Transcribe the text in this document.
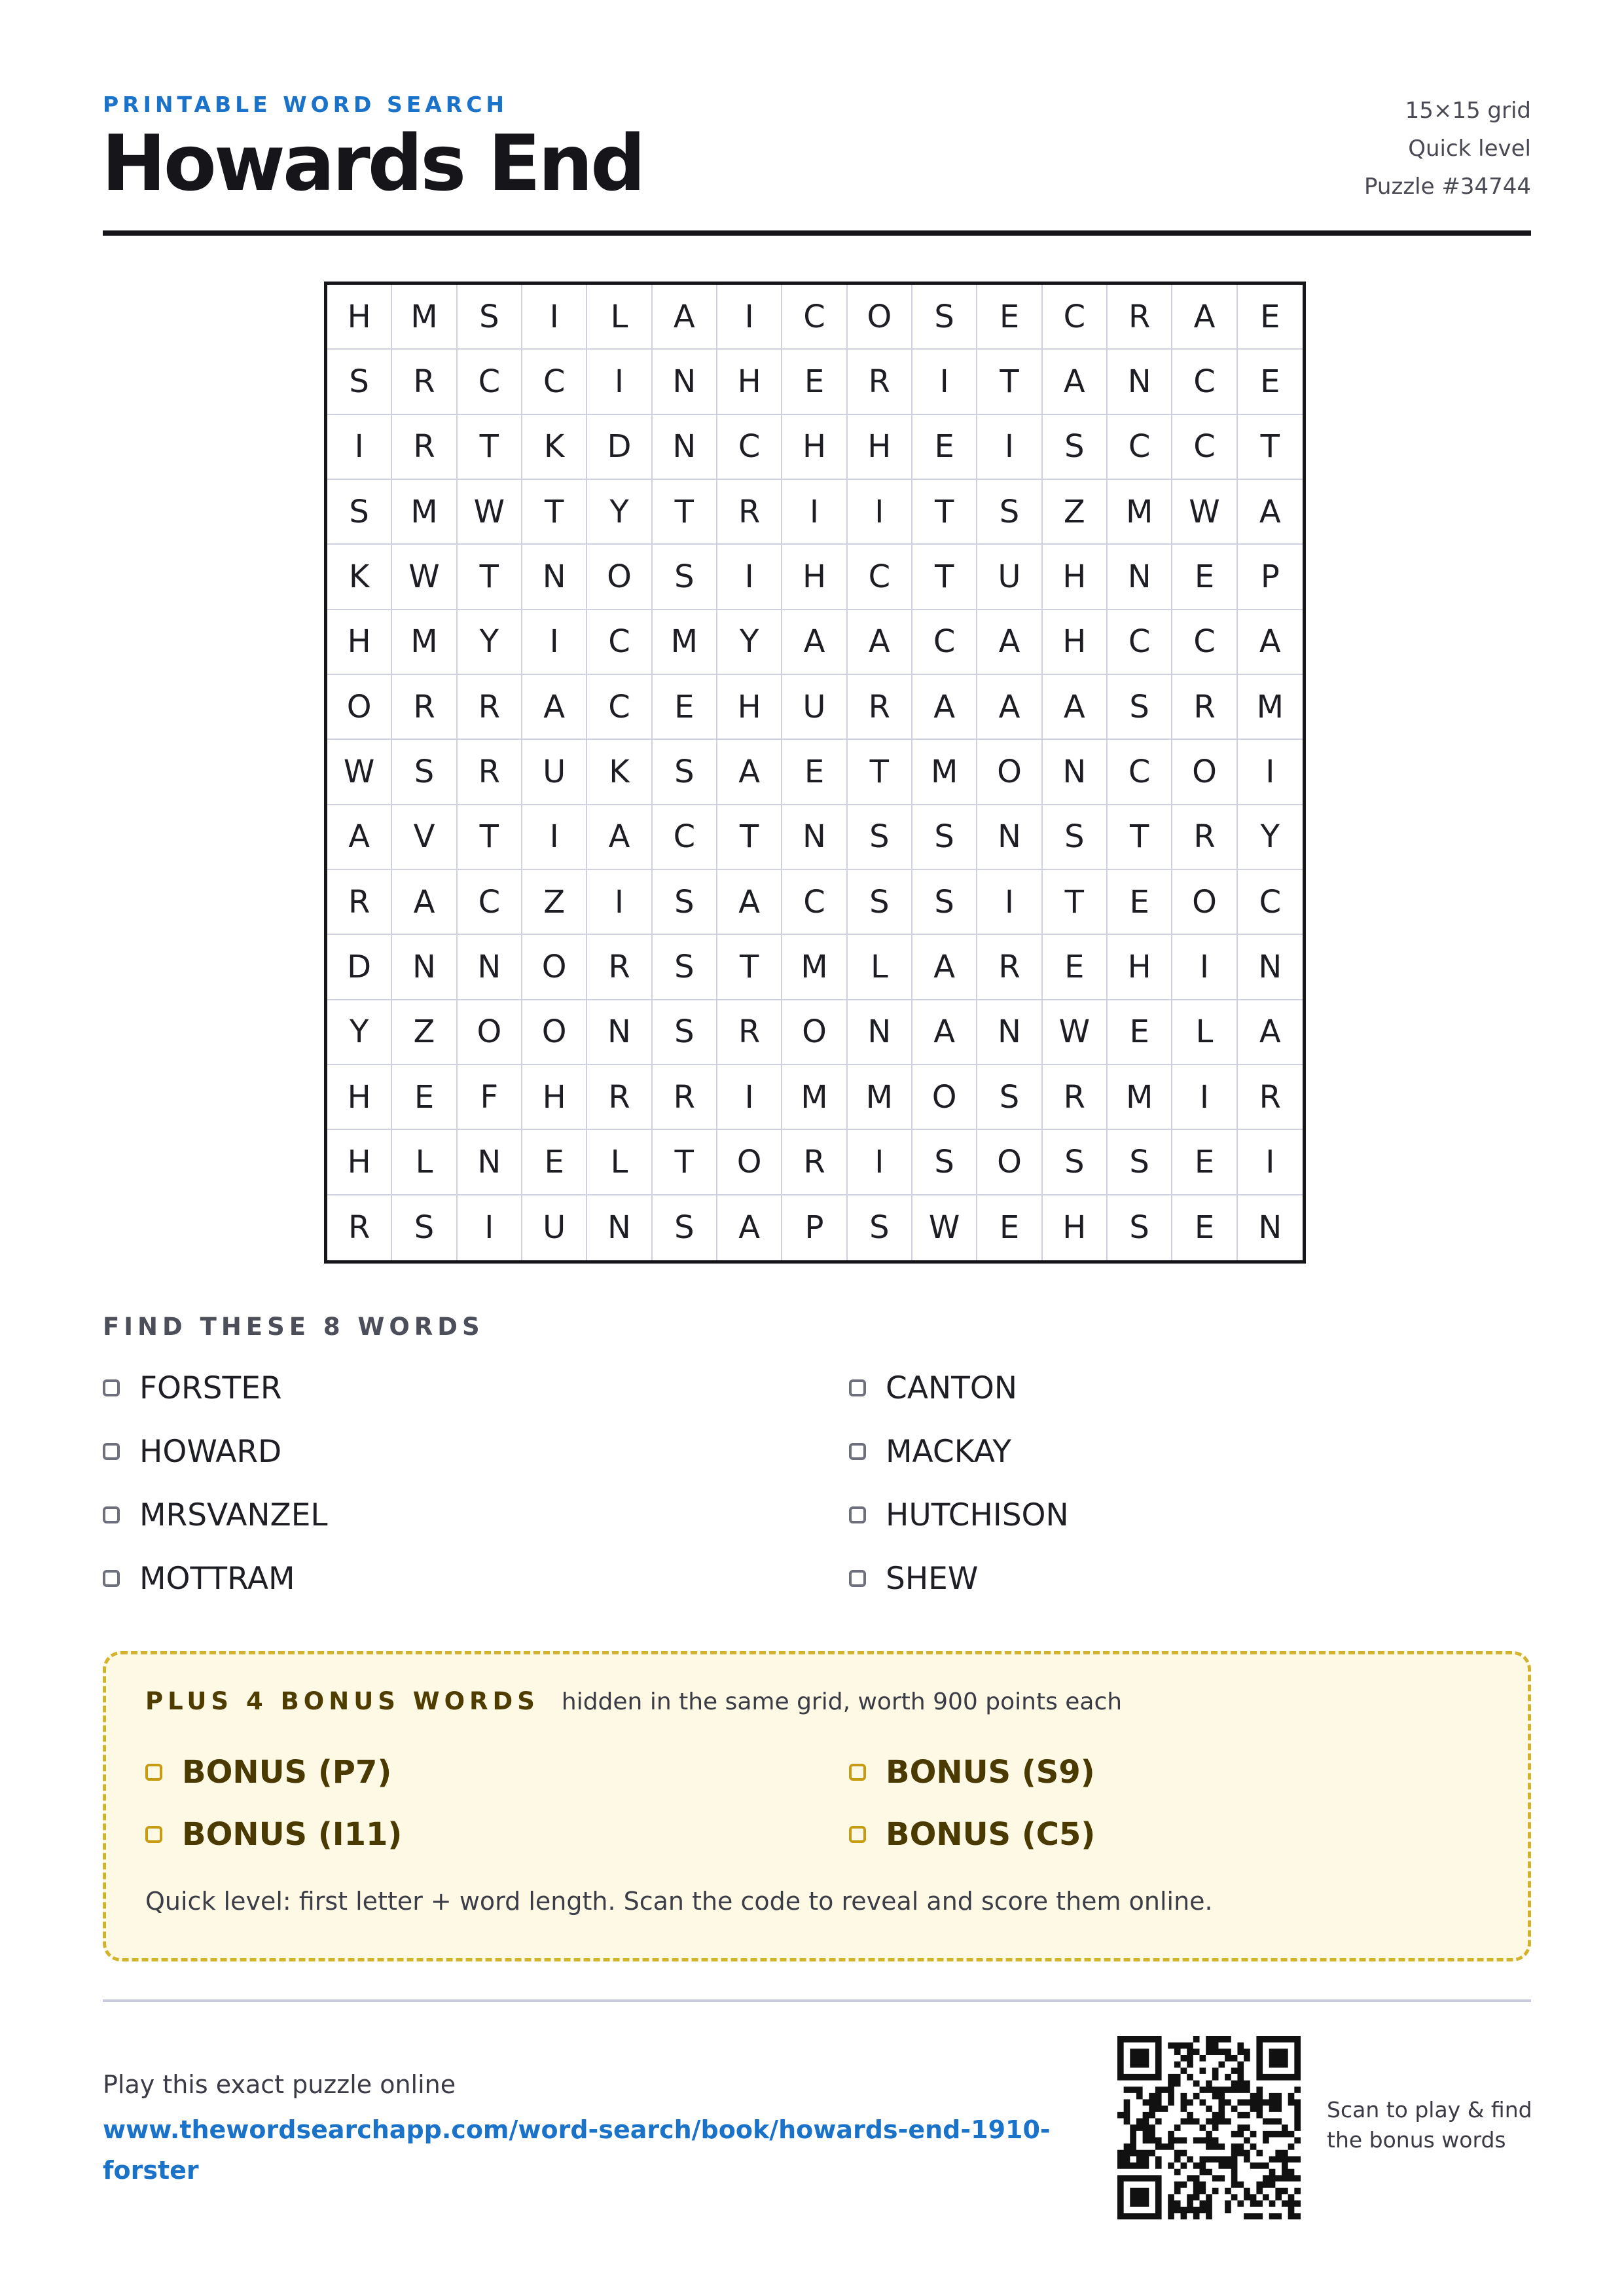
PRINTABLE WORD SEARCH
Howards End
15×15 grid
Quick level
Puzzle #34744
H	M	S	I	L	A	I	C	O	S	E	C	R	A	E
S	R	C	C	I	N	H	E	R	I	T	A	N	C	E
I	R	T	K	D	N	C	H	H	E	I	S	C	C	T
S	M	W	T	Y	T	R	I	I	T	S	Z	M	W	A
K	W	T	N	O	S	I	H	C	T	U	H	N	E	P
H	M	Y	I	C	M	Y	A	A	C	A	H	C	C	A
O	R	R	A	C	E	H	U	R	A	A	A	S	R	M
W	S	R	U	K	S	A	E	T	M	O	N	C	O	I
A	V	T	I	A	C	T	N	S	S	N	S	T	R	Y
R	A	C	Z	I	S	A	C	S	S	I	T	E	O	C
D	N	N	O	R	S	T	M	L	A	R	E	H	I	N
Y	Z	O	O	N	S	R	O	N	A	N	W	E	L	A
H	E	F	H	R	R	I	M	M	O	S	R	M	I	R
H	L	N	E	L	T	O	R	I	S	O	S	S	E	I
R	S	I	U	N	S	A	P	S	W	E	H	S	E	N
FIND THESE 8 WORDS
FORSTER	CANTON
HOWARD	MACKAY
MRSVANZEL	HUTCHISON
MOTTRAM	SHEW
PLUS 4 BONUS WORDS hidden in the same grid, worth 900 points each
BONUS (P7)	BONUS (S9)
BONUS (I11)	BONUS (C5)
Quick level: first letter + word length. Scan the code to reveal and score them online.
Play this exact puzzle online
www.thewordsearchapp.com/word-search/book/howards-end-1910-forster
Scan to play & find the bonus words
